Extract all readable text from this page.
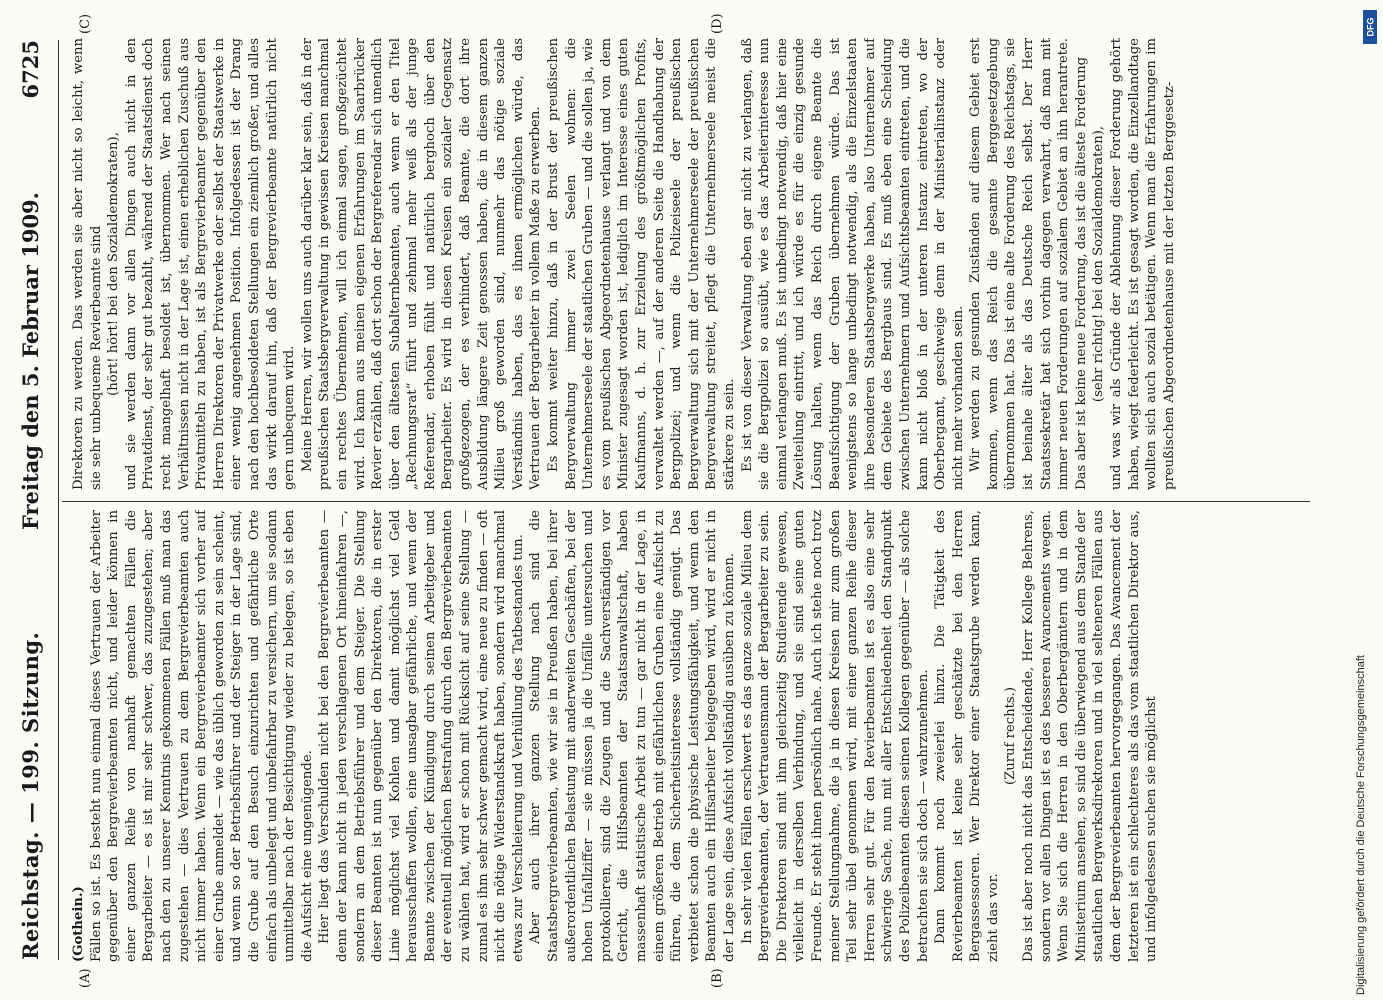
Reichstag. — 199. Sitzung.
Freitag den 5. Februar 1909.
6725
(A)	(B)
(C)	(D)

(Gothein.) Fällen so ist. Es besteht nun einmal dieses Vertrauen der Arbeiter gegenüber den Bergrevierbeamten nicht, und leider können in einer ganzen Reihe von namhaft gemachten Fällen die Bergarbeiter — es ist mir sehr schwer, das zuzugestehen; aber nach den zu unserer Kenntnis gekommenen Fällen muß man das zugestehen — dies Vertrauen zu dem Bergrevierbeamten auch nicht immer haben. Wenn ein Bergrevierbeamter sich vorher auf einer Grube anmeldet — wie das üblich geworden zu sein scheint, und wenn so der Betriebsführer und der Steiger in der Lage sind, die Grube auf den Besuch einzurichten und gefährliche Orte einfach als unbelegt und unbefahrbar zu versichern, um sie sodann unmittelbar nach der Besichtigung wieder zu belegen, so ist eben die Aufsicht eine ungenügende. Hier liegt das Verschulden nicht bei den Bergrevierbeamten — denn der kann nicht in jeden verschlagenen Ort hineinfahren —, sondern an dem Betriebsführer und dem Steiger. Die Stellung dieser Beamten ist nun gegenüber den Direktoren, die in erster Linie möglichst viel Kohlen und damit möglichst viel Geld herausschaffen wollen, eine unsagbar gefährliche, und wenn der Beamte zwischen der Kündigung durch seinen Arbeitgeber und der eventuell möglichen Bestrafung durch den Bergrevierbeamten zu wählen hat, wird er schon mit Rücksicht auf seine Stellung — zumal es ihm sehr schwer gemacht wird, eine neue zu finden — oft nicht die nötige Widerstandskraft haben, sondern wird manchmal etwas zur Verschleierung und Verhüllung des Tatbestandes tun. Aber auch ihrer ganzen Stellung nach sind die Staatsbergrevierbeamten, wie wir sie in Preußen haben, bei ihrer außerordentlichen Belastung mit anderweiten Geschäften, bei der hohen Unfallziffer — sie müssen ja die Unfälle untersuchen und protokollieren, sind die Zeugen und die Sachverständigen vor Gericht, die Hilfsbeamten der Staatsanwaltschaft, haben massenhaft statistische Arbeit zu tun — gar nicht in der Lage, in einem größeren Betrieb mit gefährlichen Gruben eine Aufsicht zu führen, die dem Sicherheitsinteresse vollständig genügt. Das verbietet schon die physische Leistungsfähigkeit, und wenn den Beamten auch ein Hilfsarbeiter beigegeben wird, wird er nicht in der Lage sein, diese Aufsicht vollständig ausüben zu können. In sehr vielen Fällen erschwert es das ganze soziale Milieu dem Bergrevierbeamten, der Vertrauensmann der Bergarbeiter zu sein. Die Direktoren sind mit ihm gleichzeitig Studierende gewesen, vielleicht in derselben Verbindung, und sie sind seine guten Freunde. Er steht ihnen persönlich nahe. Auch ich stehe noch trotz meiner Stellungnahme, die ja in diesen Kreisen mir zum großen Teil sehr übel genommen wird, mit einer ganzen Reihe dieser Herren sehr gut. Für den Revierbeamten ist es also eine sehr schwierige Sache, nun mit aller Entschiedenheit den Standpunkt des Polizeibeamten diesen seinen Kollegen gegenüber — als solche betrachten sie sich doch — wahrzunehmen. Dann kommt noch zweierlei hinzu. Die Tätigkeit des Revierbeamten ist keine sehr geschätzte bei den Herren Bergassessoren. Wer Direktor einer Staatsgrube werden kann, zieht das vor.

(Zuruf rechts.) Das ist aber noch nicht das Entscheidende, Herr Kollege Behrens, sondern vor allen Dingen ist es des besseren Avancements wegen. Wenn Sie sich die Herren in den Oberbergämtern und in dem Ministerium ansehen, so sind die überwiegend aus dem Stande der staatlichen Bergwerksdirektoren und in viel selteneren Fällen aus dem der Bergrevierbeamten hervorgegangen. Das Avancement der letzteren ist ein schlechteres als das vom staatlichen Direktor aus, und infolgedessen suchen sie möglichst

Direktoren zu werden. Das werden sie aber nicht so leicht, wenn sie sehr unbequeme Revierbeamte sind (hört! hört! bei den Sozialdemokraten), und sie werden dann vor allen Dingen auch nicht in den Privatdienst, der sehr gut bezahlt, während der Staatsdienst doch recht mangelhaft besoldet ist, übernommen. Wer nach seinen Verhältnissen nicht in der Lage ist, einen erheblichen Zuschuß aus Privatmitteln zu haben, ist als Bergrevierbeamter gegenüber den Herren Direktoren der Privatwerke oder selbst der Staatswerke in einer wenig angenehmen Position. Infolgedessen ist der Drang nach den hochbesoldeten Stellungen ein ziemlich großer, und alles das wirkt darauf hin, daß der Bergrevierbeamte natürlich nicht gern unbequem wird. Meine Herren, wir wollen uns auch darüber klar sein, daß in der preußischen Staatsbergverwaltung in gewissen Kreisen manchmal ein rechtes Übernehmen, will ich einmal sagen, großgezüchtet wird. Ich kann aus meinen eigenen Erfahrungen im Saarbrücker Revier erzählen, daß dort schon der Bergreferendar sich unendlich über den ältesten Subalternbeamten, auch wenn er den Titel „Rechnungsrat“ führt und zehnmal mehr weiß als der junge Referendar, erhoben fühlt und natürlich berghoch über den Bergarbeiter. Es wird in diesen Kreisen ein sozialer Gegensatz großgezogen, der es verhindert, daß Beamte, die dort ihre Ausbildung längere Zeit genossen haben, die in diesem ganzen Milieu groß geworden sind, nunmehr das nötige soziale Verständnis haben, das es ihnen ermöglichen würde, das Vertrauen der Bergarbeiter in vollem Maße zu erwerben. Es kommt weiter hinzu, daß in der Brust der preußischen Bergverwaltung immer zwei Seelen wohnen: die Unternehmerseele der staatlichen Gruben — und die sollen ja, wie es vom preußischen Abgeordnetenhause verlangt und von dem Minister zugesagt worden ist, lediglich im Interesse eines guten Kaufmanns, d. h. zur Erzielung des größtmöglichen Profits, verwaltet werden —, auf der anderen Seite die Handhabung der Bergpolizei; und wenn die Polizeiseele der preußischen Bergverwaltung sich mit der Unternehmerseele der preußischen Bergverwaltung streitet, pflegt die Unternehmerseele meist die stärkere zu sein. Es ist von dieser Verwaltung eben gar nicht zu verlangen, daß sie die Bergpolizei so ausübt, wie es das Arbeiterinteresse nun einmal verlangen muß. Es ist unbedingt notwendig, daß hier eine Zweiteilung eintritt, und ich würde es für die einzig gesunde Lösung halten, wenn das Reich durch eigene Beamte die Beaufsichtigung der Gruben übernehmen würde. Das ist wenigstens so lange unbedingt notwendig, als die Einzelstaaten ihre besonderen Staatsbergwerke haben, also Unternehmer auf dem Gebiete des Bergbaus sind. Es muß eben eine Scheidung zwischen Unternehmern und Aufsichtsbeamten eintreten, und die kann nicht bloß in der unteren Instanz eintreten, wo der Oberbergamt, geschweige denn in der Ministerialinstanz oder nicht mehr vorhanden sein. Wir werden zu gesunden Zuständen auf diesem Gebiet erst kommen, wenn das Reich die gesamte Berggesetzgebung übernommen hat. Das ist eine alte Forderung des Reichstags, sie ist beinahe älter als das Deutsche Reich selbst. Der Herr Staatssekretär hat sich vorhin dagegen verwahrt, daß man mit immer neuen Forderungen auf sozialem Gebiet an ihn herantrete. Das aber ist keine neue Forderung, das ist die älteste Forderung (sehr richtig! bei den Sozialdemokraten), und was wir als Gründe der Ablehnung dieser Forderung gehört haben, wiegt federleicht. Es ist gesagt worden, die Einzellandtage wollten sich auch sozial betätigen. Wenn man die Erfahrungen im preußischen Abgeordnetenhause mit der letzten Berggesetz-

DFG
Digitalisierung gefördert durch die Deutsche Forschungsgemeinschaft
